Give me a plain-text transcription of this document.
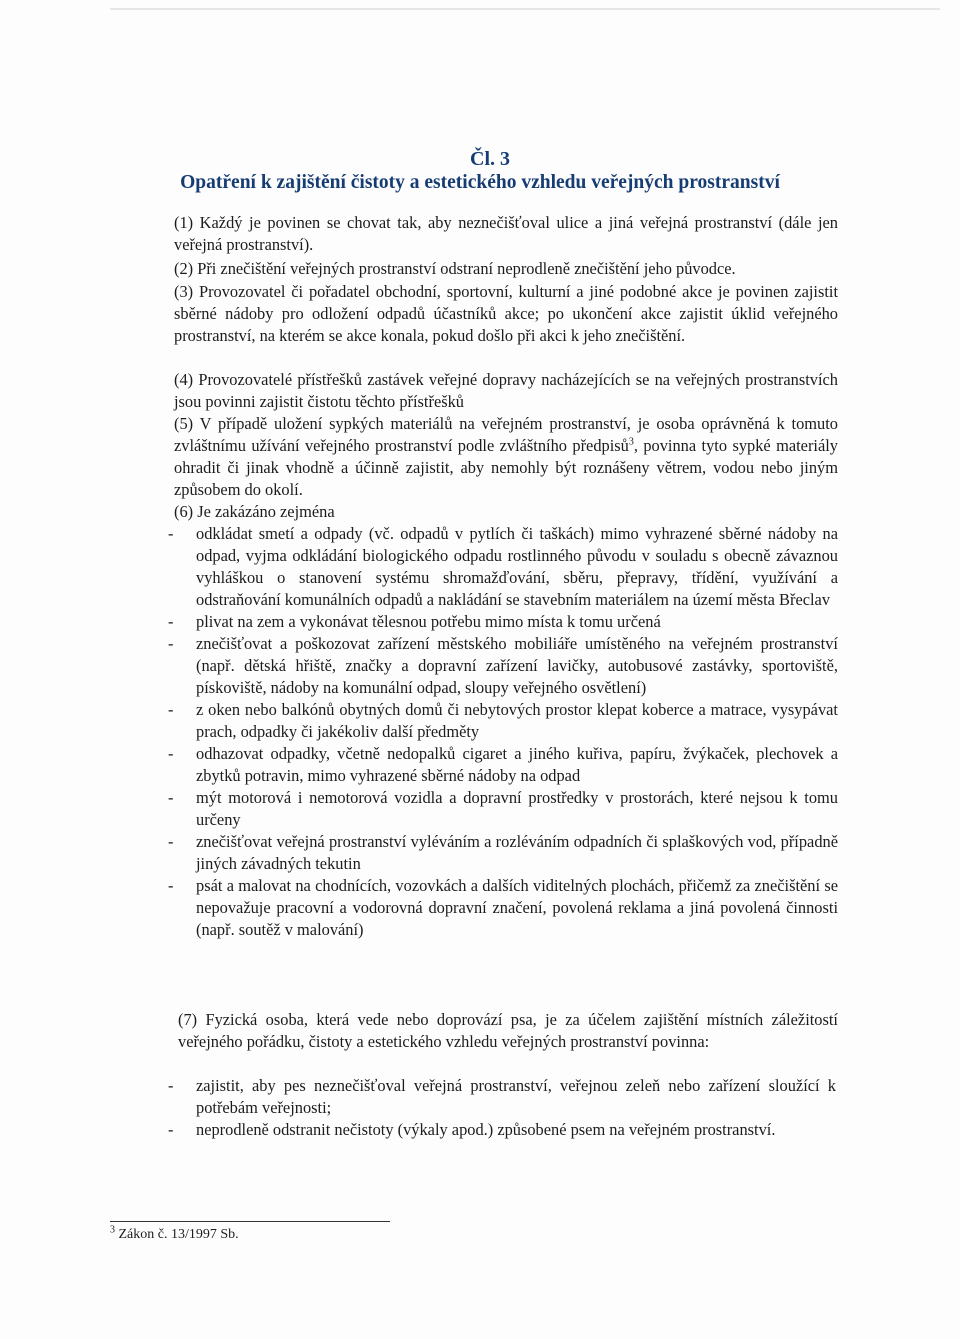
Čl. 3
Opatření k zajištění čistoty a estetického vzhledu veřejných prostranství

(1) Každý je povinen se chovat tak, aby neznečišťoval ulice a jiná veřejná prostranství (dále jen veřejná prostranství).

(2) Při znečištění veřejných prostranství odstraní neprodleně znečištění jeho původce.

(3) Provozovatel či pořadatel obchodní, sportovní, kulturní a jiné podobné akce je povinen zajistit sběrné nádoby pro odložení odpadů účastníků akce; po ukončení akce zajistit úklid veřejného prostranství, na kterém se akce konala, pokud došlo při akci k jeho znečištění.

(4) Provozovatelé přístřešků zastávek veřejné dopravy nacházejících se na veřejných prostranstvích jsou povinni zajistit čistotu těchto přístřešků

(5) V případě uložení sypkých materiálů na veřejném prostranství, je osoba oprávněná k tomuto zvláštnímu užívání veřejného prostranství podle zvláštního předpisů$^3$, povinna tyto sypké materiály ohradit či jinak vhodně a účinně zajistit, aby nemohly být roznášeny větrem, vodou nebo jiným způsobem do okolí.

(6) Je zakázáno zejména

- odkládat smetí a odpady (vč. odpadů v pytlích či taškách) mimo vyhrazené sběrné nádoby na odpad, vyjma odkládání biologického odpadu rostlinného původu v souladu s obecně závaznou vyhláškou o stanovení systému shromažďování, sběru, přepravy, třídění, využívání a odstraňování komunálních odpadů a nakládání se stavebním materiálem na území města Břeclav
- plivat na zem a vykonávat tělesnou potřebu mimo místa k tomu určená
- znečišťovat a poškozovat zařízení městského mobiliáře umístěného na veřejném prostranství (např. dětská hřiště, značky a dopravní zařízení lavičky, autobusové zastávky, sportoviště, pískoviště, nádoby na komunální odpad, sloupy veřejného osvětlení)
- z oken nebo balkónů obytných domů či nebytových prostor klepat koberce a matrace, vysypávat prach, odpadky či jakékoliv další předměty
- odhazovat odpadky, včetně nedopalků cigaret a jiného kuřiva, papíru, žvýkaček, plechovek a zbytků potravin, mimo vyhrazené sběrné nádoby na odpad
- mýt motorová i nemotorová vozidla a dopravní prostředky v prostorách, které nejsou k tomu určeny
- znečišťovat veřejná prostranství vyléváním a rozléváním odpadních či splaškových vod, případně jiných závadných tekutin
- psát a malovat na chodnících, vozovkách a dalších viditelných plochách, přičemž za znečištění se nepovažuje pracovní a vodorovná dopravní značení, povolená reklama a jiná povolená činnosti (např. soutěž v malování)

(7) Fyzická osoba, která vede nebo doprovází psa, je za účelem zajištění místních záležitostí veřejného pořádku, čistoty a estetického vzhledu veřejných prostranství povinna:

- zajistit, aby pes neznečišťoval veřejná prostranství, veřejnou zeleň nebo zařízení sloužící k potřebám veřejnosti;
- neprodleně odstranit nečistoty (výkaly apod.) způsobené psem na veřejném prostranství.
$^3$ Zákon č. 13/1997 Sb.
